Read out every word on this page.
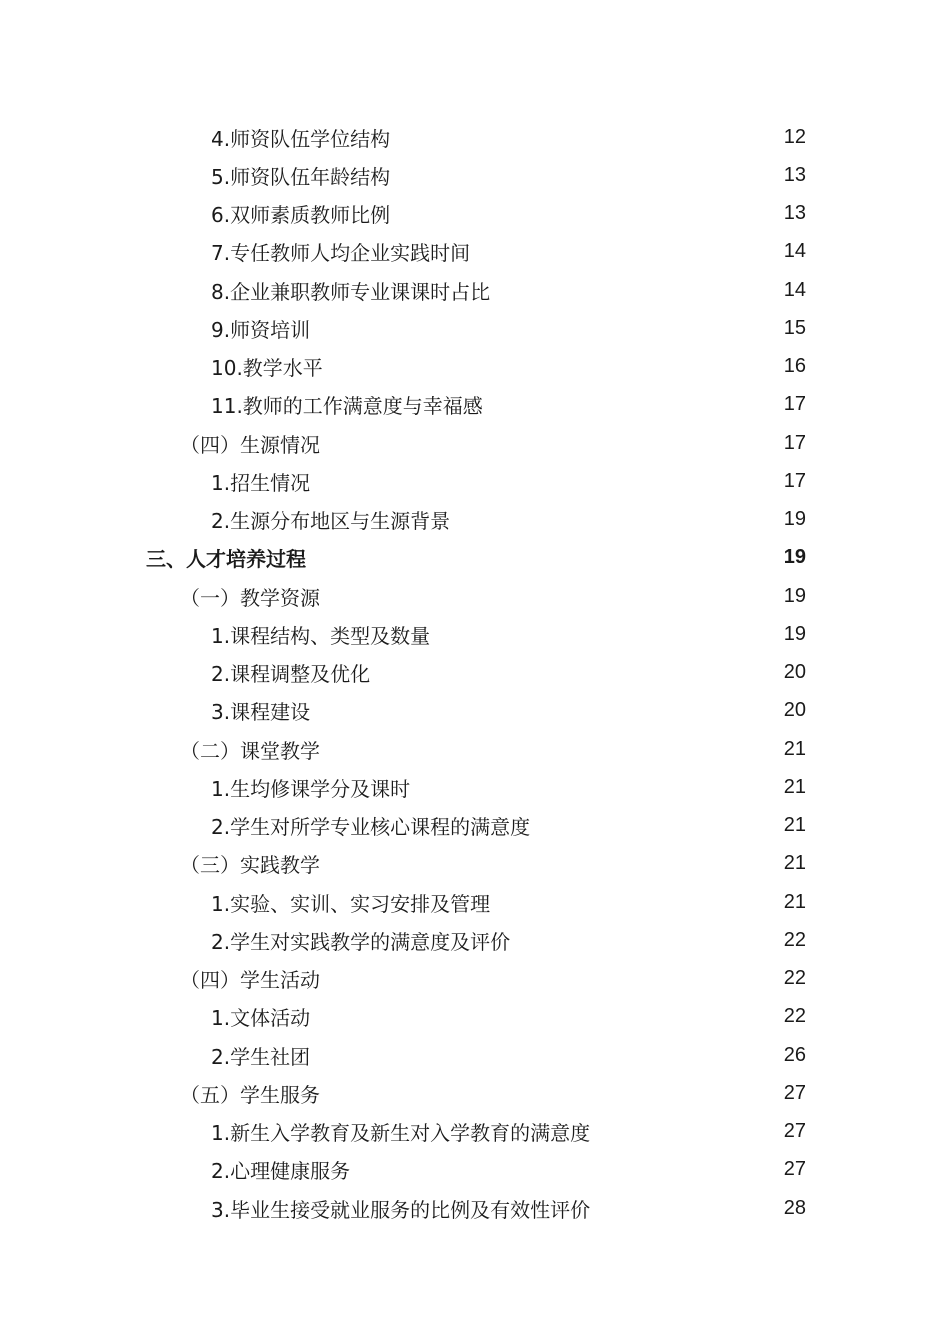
4.师资队伍学位结构	12
5.师资队伍年龄结构	13
6.双师素质教师比例	13
7.专任教师人均企业实践时间	14
8.企业兼职教师专业课课时占比	14
9.师资培训	15
10.教学水平	16
11.教师的工作满意度与幸福感	17
（四）生源情况	17
1.招生情况	17
2.生源分布地区与生源背景	19
三、人才培养过程	19
（一）教学资源	19
1.课程结构、类型及数量	19
2.课程调整及优化	20
3.课程建设	20
（二）课堂教学	21
1.生均修课学分及课时	21
2.学生对所学专业核心课程的满意度	21
（三）实践教学	21
1.实验、实训、实习安排及管理	21
2.学生对实践教学的满意度及评价	22
（四）学生活动	22
1.文体活动	22
2.学生社团	26
（五）学生服务	27
1.新生入学教育及新生对入学教育的满意度	27
2.心理健康服务	27
3.毕业生接受就业服务的比例及有效性评价	28
